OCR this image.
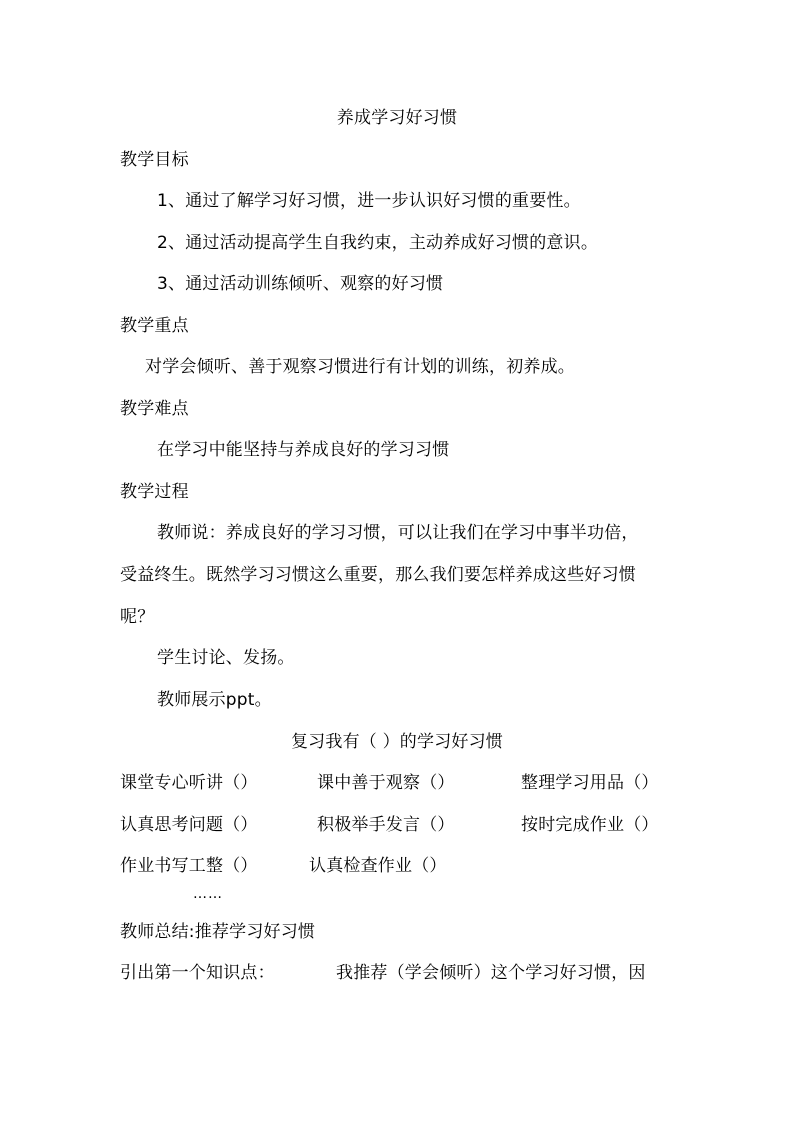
养成学习好习惯
教学目标
1、通过了解学习好习惯，进一步认识好习惯的重要性。
2、通过活动提高学生自我约束，主动养成好习惯的意识。
3、通过活动训练倾听、观察的好习惯
教学重点
对学会倾听、善于观察习惯进行有计划的训练，初养成。
教学难点
在学习中能坚持与养成良好的学习习惯
教学过程
教师说：养成良好的学习习惯，可以让我们在学习中事半功倍，
受益终生。既然学习习惯这么重要，那么我们要怎样养成这些好习惯
呢？
学生讨论、发扬。
教师展示ppt。
复习我有（ ）的学习好习惯
课堂专心听讲（）	课中善于观察（）	整理学习用品（）
认真思考问题（）	积极举手发言（）	按时完成作业（）
作业书写工整（）	认真检查作业（）
……
教师总结:推荐学习好习惯
引出第一个知识点：	我推荐（学会倾听）这个学习好习惯，因
